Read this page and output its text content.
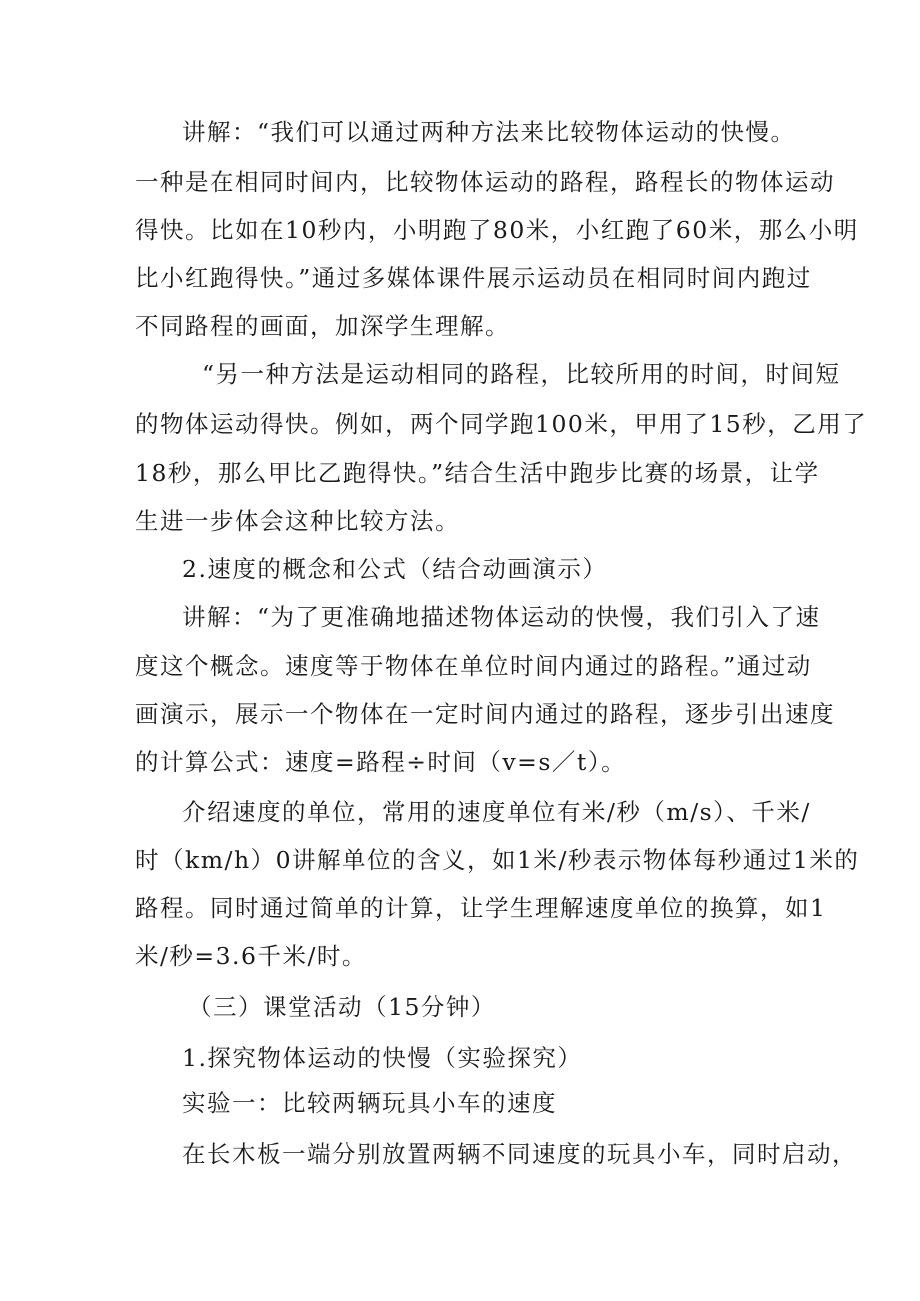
讲解：“我们可以通过两种方法来比较物体运动的快慢。
一种是在相同时间内，比较物体运动的路程，路程长的物体运动
得快。比如在10秒内，小明跑了80米，小红跑了60米，那么小明
比小红跑得快。”通过多媒体课件展示运动员在相同时间内跑过
不同路程的画面，加深学生理解。
“另一种方法是运动相同的路程，比较所用的时间，时间短
的物体运动得快。例如，两个同学跑100米，甲用了15秒，乙用了
18秒，那么甲比乙跑得快。”结合生活中跑步比赛的场景，让学
生进一步体会这种比较方法。
2.速度的概念和公式（结合动画演示）
讲解：“为了更准确地描述物体运动的快慢，我们引入了速
度这个概念。速度等于物体在单位时间内通过的路程。”通过动
画演示，展示一个物体在一定时间内通过的路程，逐步引出速度
的计算公式：速度=路程÷时间（v=s／t）。
介绍速度的单位，常用的速度单位有米/秒（m/s）、千米/
时（km/h）0讲解单位的含义，如1米/秒表示物体每秒通过1米的
路程。同时通过简单的计算，让学生理解速度单位的换算，如1
米/秒=3.6千米/时。
（三）课堂活动（15分钟）
1.探究物体运动的快慢（实验探究）
实验一：比较两辆玩具小车的速度
在长木板一端分别放置两辆不同速度的玩具小车，同时启动，
